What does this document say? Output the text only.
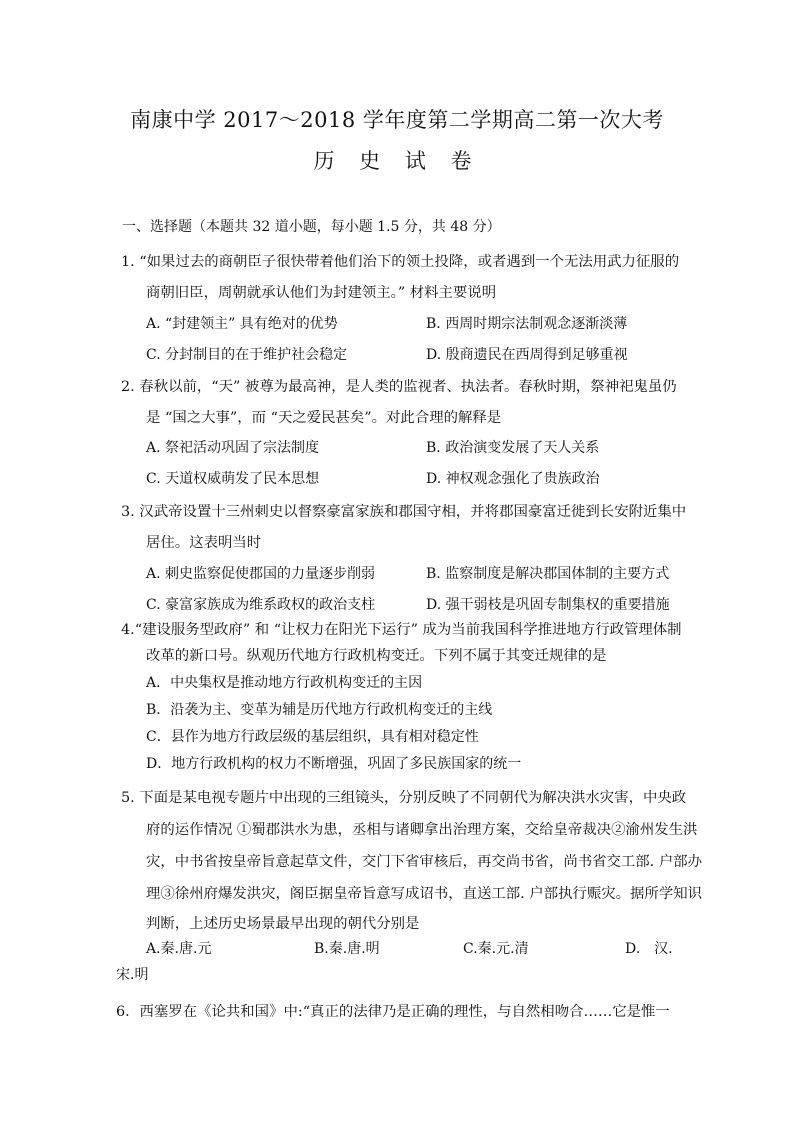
南康中学 2017～2018 学年度第二学期高二第一次大考
历 史 试 卷
一、选择题（本题共 32 道小题，每小题 1.5 分，共 48 分）
1. “如果过去的商朝臣子很快带着他们治下的领土投降，或者遇到一个无法用武力征服的
商朝旧臣，周朝就承认他们为封建领主。” 材料主要说明
A. “封建领主” 具有绝对的优势	B. 西周时期宗法制观念逐渐淡薄
C. 分封制目的在于维护社会稳定	D. 殷商遗民在西周得到足够重视
2. 春秋以前，“天” 被尊为最高神，是人类的监视者、执法者。春秋时期，祭神祀鬼虽仍
是 “国之大事”，而 “天之爱民甚矣”。对此合理的解释是
A. 祭祀活动巩固了宗法制度	B. 政治演变发展了天人关系
C. 天道权威萌发了民本思想	D. 神权观念强化了贵族政治
3. 汉武帝设置十三州刺史以督察豪富家族和郡国守相，并将郡国豪富迁徙到长安附近集中
居住。这表明当时
A. 刺史监察促使郡国的力量逐步削弱	B. 监察制度是解决郡国体制的主要方式
C. 豪富家族成为维系政权的政治支柱	D. 强干弱枝是巩固专制集权的重要措施
4.“建设服务型政府” 和 “让权力在阳光下运行” 成为当前我国科学推进地方行政管理体制
改革的新口号。纵观历代地方行政机构变迁。下列不属于其变迁规律的是
A．中央集权是推动地方行政机构变迁的主因
B．沿袭为主、变革为辅是历代地方行政机构变迁的主线
C．县作为地方行政层级的基层组织，具有相对稳定性
D．地方行政机构的权力不断增强，巩固了多民族国家的统一
5. 下面是某电视专题片中出现的三组镜头，分别反映了不同朝代为解决洪水灾害，中央政
府的运作情况 ①蜀郡洪水为患，丞相与诸卿拿出治理方案，交给皇帝裁决②渝州发生洪
灾，中书省按皇帝旨意起草文件，交门下省审核后，再交尚书省，尚书省交工部. 户部办
理③徐州府爆发洪灾，阁臣据皇帝旨意写成诏书，直送工部. 户部执行赈灾。据所学知识
判断，上述历史场景最早出现的朝代分别是
A.秦.唐.元	B.秦.唐.明	C.秦.元.清	D.　汉.
宋.明
6．西塞罗在《论共和国》中:“真正的法律乃是正确的理性，与自然相吻合……它是惟一
